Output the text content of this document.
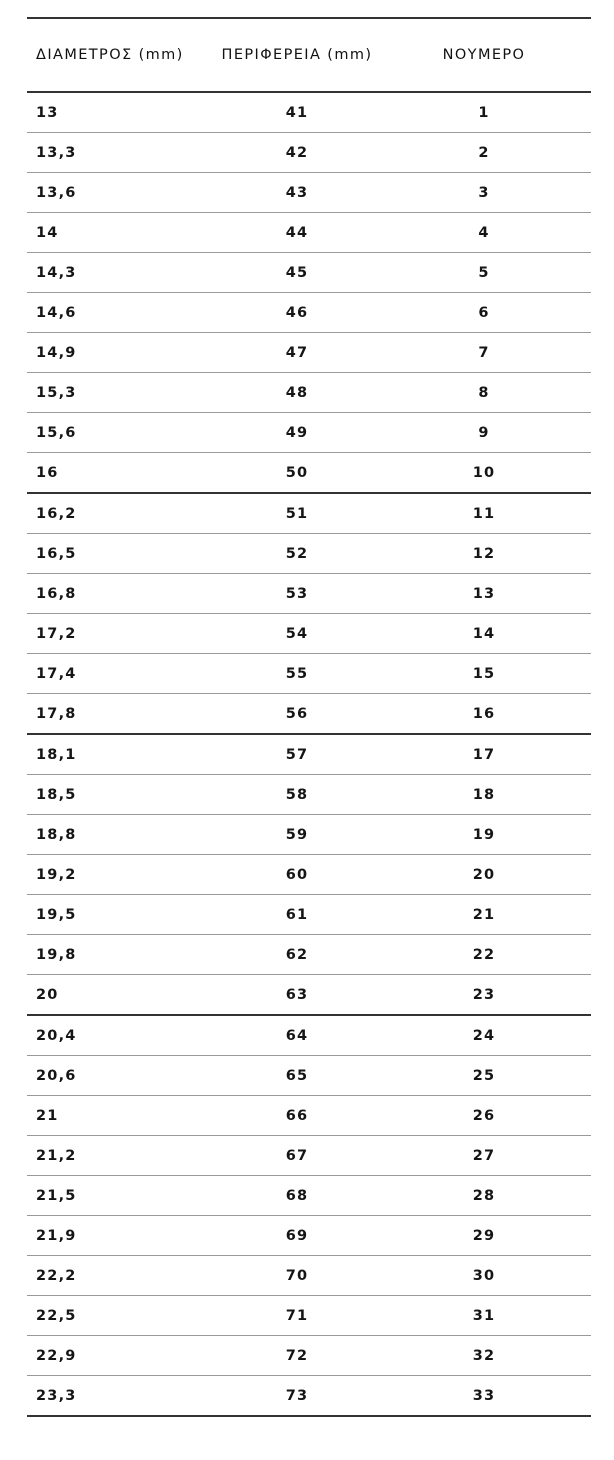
ΔΙΑΜΕΤΡΟΣ (mm)	ΠΕΡΙΦΕΡΕΙΑ (mm)	ΝΟΥΜΕΡΟ
13	41	1
13,3	42	2
13,6	43	3
14	44	4
14,3	45	5
14,6	46	6
14,9	47	7
15,3	48	8
15,6	49	9
16	50	10
16,2	51	11
16,5	52	12
16,8	53	13
17,2	54	14
17,4	55	15
17,8	56	16
18,1	57	17
18,5	58	18
18,8	59	19
19,2	60	20
19,5	61	21
19,8	62	22
20	63	23
20,4	64	24
20,6	65	25
21	66	26
21,2	67	27
21,5	68	28
21,9	69	29
22,2	70	30
22,5	71	31
22,9	72	32
23,3	73	33
